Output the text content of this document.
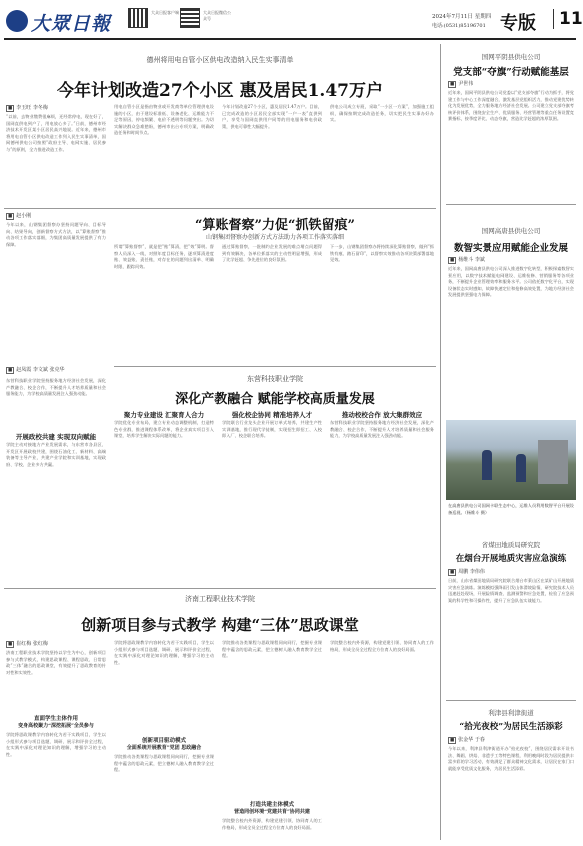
大眾日報
大众日报客户端	大众日报微信公众号	2024年7月11日 星期四
电话:(0531)85196701 专版	11
德州将用电自管小区供电改造纳入民生实事清单
今年计划改造27个小区 惠及居民1.47万户
■ 李玉旺 李冬梅
“以前，去物业缴费很麻烦，还经常停电，现在好了，国网直供电到户了，用电放心多了。”日前，德州市经济技术开发区某小区居民高兴地说。近年来，德州市将用电自管小区供电改造工作列入民生实事清单，国网德州供电公司按照“政府主导、电网实施、居民参与”的原则，全力推进改造工作。
用电自管小区是指由物业或开发商等单位管理供电设施的小区，由于建设标准低、设备老化、运维能力不足等原因，停电频繁、电价不透明等问题突出。为切实解决群众急难愁盼，德州市出台专项方案，明确改造任务和时间节点。
今年计划改造27个小区，惠及居民1.47万户。目前，已完成改造的小区居民全部实现“一户一表”直供到户，享受与国网直供用户同等的用电服务和电价政策，供电可靠性大幅提升。
供电公司成立专班，采取“一小区一方案”，加强施工组织，确保按期完成改造任务，切实把民生实事办好办实。
“算账督察”力促“抓铁留痕”
山钢集团督察办创新方式方法助力各项工作落实落细
■ 赵小刚
今年以来，山钢集团督察办坚持问题导向、目标导向、结果导向，创新督察方式方法，以“算账督察”推动各项工作落实落细，为集团高质量发展提供了有力保障。
■ 赵凤霞 李文斌 张克华
所谓“算账督察”，就是把“账”算清，把“效”算明。督察人员深入一线，对照年度目标任务，逐项算清进度账、效益账、责任账，对存在的问题列出清单、明确时限、跟踪问效。
通过算账督察，一批制约企业发展的难点堵点问题得到有效解决，各单位抓落实的主动性明显增强，形成了比学赶超、争先进位的良好氛围。
下一步，山钢集团督察办将持续深化算账督察，做到“抓铁有痕、踏石留印”，以督察实效推动各项决策部署落地见效。
东营科技职业学院
深化产教融合 赋能学校高质量发展
东营科技职业学院坚持服务地方经济社会发展，深化产教融合、校企合作，不断提升人才培养质量和社会服务能力，为学校高质量发展注入强劲动能。
开展政校共建 实现双向赋能
学院主动对接地方产业发展需求，与东营市各县区、开发区开展政校共建，围绕石油化工、新材料、高端装备等主导产业，共建产业学院和实训基地，实现政府、学校、企业多方共赢。
聚力专业建设 汇聚育人合力
学院优化专业布局，建立专业动态调整机制，打造特色专业群，推进课程体系改革，将企业真实项目引入课堂，培养学生解决实际问题的能力。
强化校企协同 精准培养人才
学院联合行业龙头企业开展订单式培养，共建生产性实训基地，推行现代学徒制，实现招生即招工、入校即入厂、校企联合培养。
推动校校合作 放大集群效应
东营科技职业学院坚持服务地方经济社会发展，深化产教融合、校企合作，不断提升人才培养质量和社会服务能力，为学校高质量发展注入强劲动能。
济南工程职业技术学院
创新项目参与式教学 构建“三体”思政课堂
■ 崔红梅 张红梅
济南工程职业技术学院坚持以学生为中心，创新项目参与式教学模式，构建思政课程、课程思政、日常思政“三体”融合的思政课堂，有效提升了思政教育的针对性和实效性。
直面学生主体作用
变身高校聚力“深挖拓展”全员参与
学院将思政课教学内容转化为若干实践项目，学生以小组形式参与项目选题、调研、展示和评价全过程，在实践中深化对理论知识的理解，增强学习的主动性。
学院将思政课教学内容转化为若干实践项目，学生以小组形式参与项目选题、调研、展示和评价全过程，在实践中深化对理论知识的理解，增强学习的主动性。
创新项目驱动模式
全面系统开展教育”党团 思政融合
学院推动各类课程与思政课程同向同行，挖掘专业课程中蕴含的思政元素，把立德树人融入教育教学全过程。
学院推动各类课程与思政课程同向同行，挖掘专业课程中蕴含的思政元素，把立德树人融入教育教学全过程。
打造共建主体模式
营造同创环境“党建共育”协同共建
学院整合校内外资源，构建党建引领、协同育人的工作格局，形成全员全过程全方位育人的良好局面。
学院整合校内外资源，构建党建引领、协同育人的工作格局，形成全员全过程全方位育人的良好局面。
国网平阴县供电公司
党支部“夺旗”行动赋能基层
■ 尹世伟
近年来，国网平阴县供电公司党委以“党支部夺旗”行动为抓手，将党建工作与中心工作深度融合，激发基层党组织活力，推动党建优势转化为发展优势，全力服务地方经济社会发展。公司建立党支部夺旗考核评价体系，围绕安全生产、优质服务、经营管理等重点任务设置竞赛指标，按季度评比、动态夺旗，营造比学赶超的浓厚氛围。
国网高唐县供电公司
数智实景应用赋能企业发展
■ 杨维斗 李斌
近年来，国网高唐县供电公司深入推进数字化转型，积极探索数智实景应用，以数字技术赋能电网建设、运维检修、营销服务等各项业务，不断提升企业管理效率和服务水平。公司依托数字化平台，实现设备状态实时感知、故障快速定位和抢修高效处置，为地方经济社会发展提供坚强电力保障。
在高唐县供电公司国网卡联生态中心，运维人员利用数智平台开展设备巡视。（杨维斗 摄）
省煤田地质局研究院
在烟台开展地质灾害应急演练
■ 周鹏 李伟伟
日前，山东省煤田地质局研究院联合烟台市莱山区在某矿山开展地质灾害应急演练。演练模拟强降雨引发山体滑坡险情，研究院技术人员迅速赶赴现场，开展险情调查、监测预警和应急处置，检验了应急预案的科学性和可操作性，提升了应急队伍实战能力。
利津县利津街道
“拾光夜校”为居民生活添彩
■ 张金华 于春
今年以来，利津县利津街道开办“拾光夜校”，围绕居民需求开设书法、舞蹈、烘焙、非遗手工等特色课程，利用晚间时段为居民提供丰富多彩的学习活动，有效满足了群众精神文化需求，让居民在家门口就能享受优质文化服务，为居民生活添彩。
